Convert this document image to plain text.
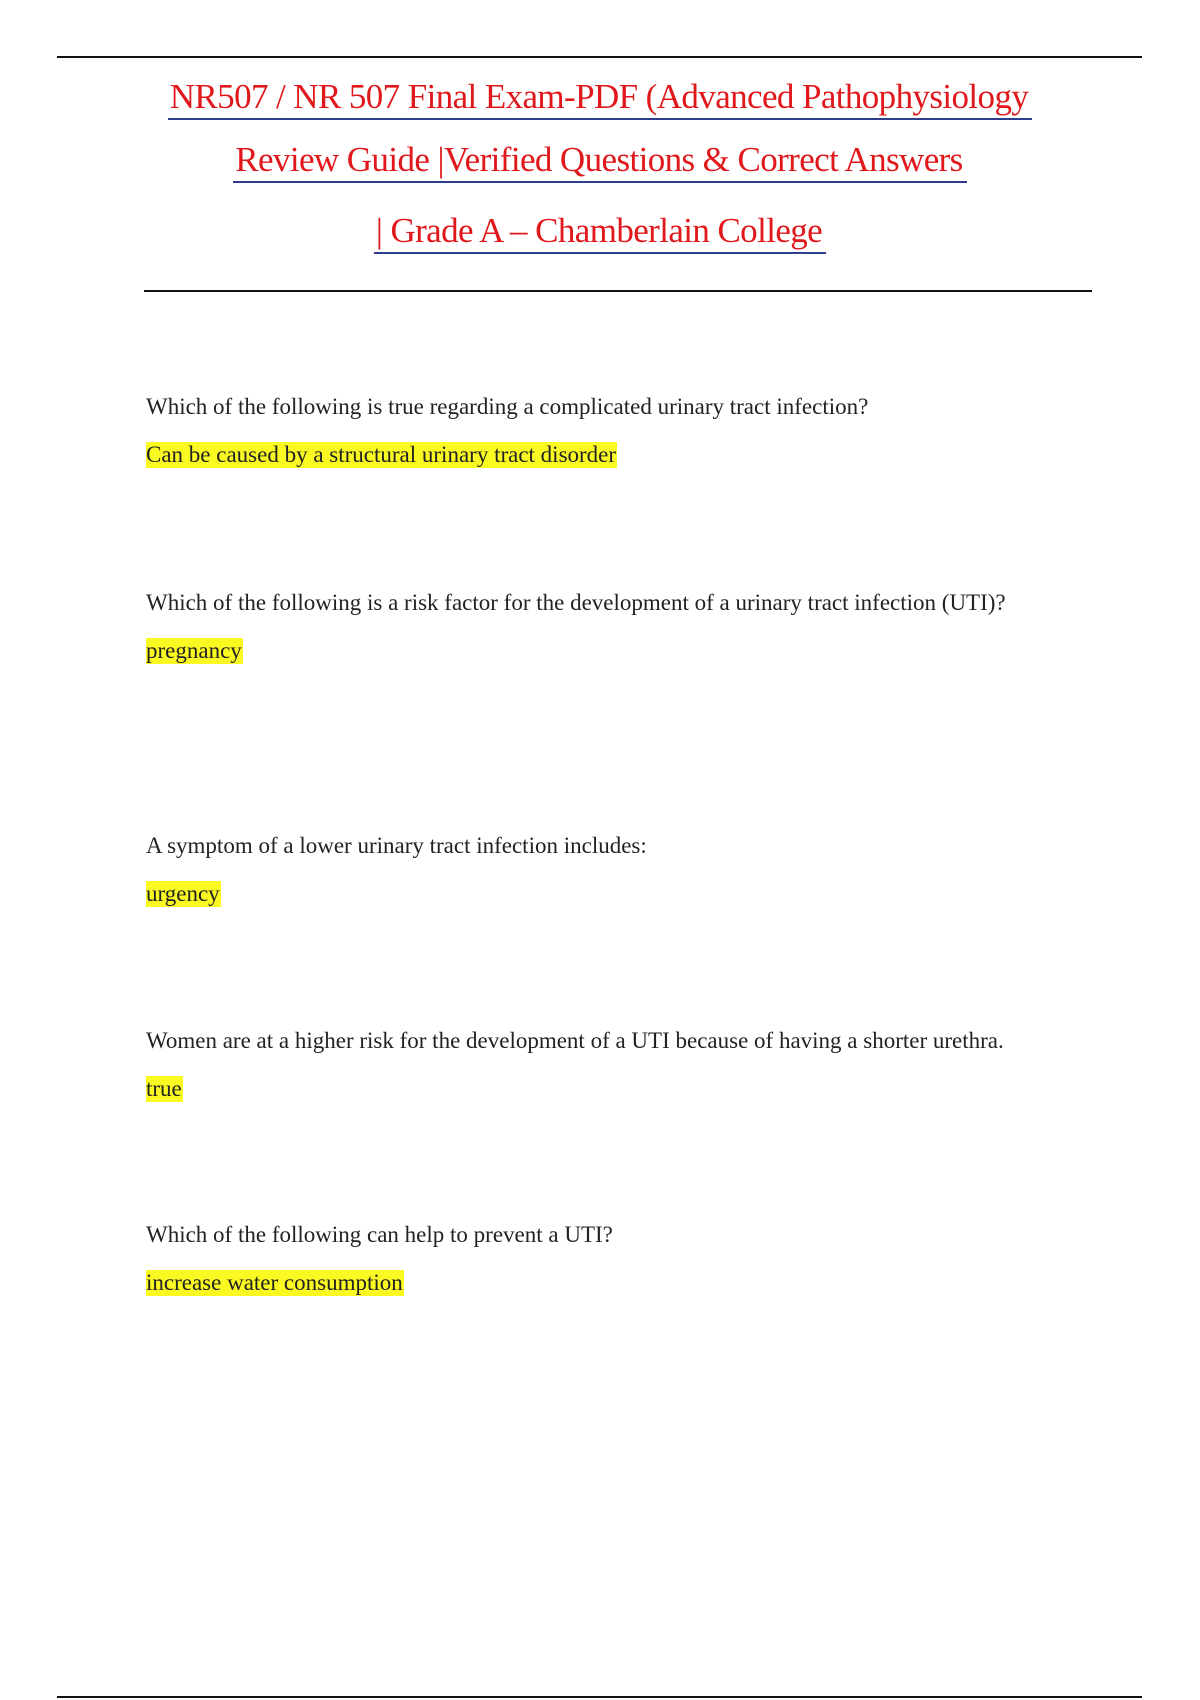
NR507 / NR 507 Final Exam-PDF (Advanced Pathophysiology
Review Guide |Verified Questions & Correct Answers
| Grade A – Chamberlain College
Which of the following is true regarding a complicated urinary tract infection?
Can be caused by a structural urinary tract disorder
Which of the following is a risk factor for the development of a urinary tract infection (UTI)?
pregnancy
A symptom of a lower urinary tract infection includes:
urgency
Women are at a higher risk for the development of a UTI because of having a shorter urethra.
true
Which of the following can help to prevent a UTI?
increase water consumption
